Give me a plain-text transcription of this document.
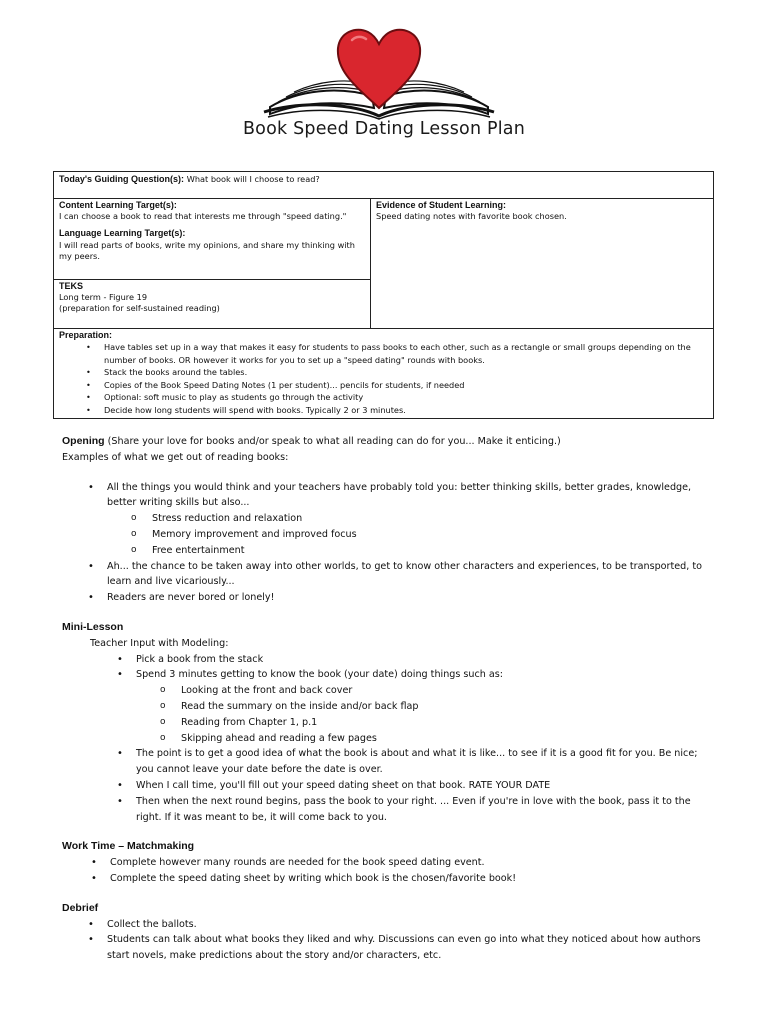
Book Speed Dating Lesson Plan
Today's Guiding Question(s): What book will I choose to read?
Content Learning Target(s):
I can choose a book to read that interests me through "speed dating."
Language Learning Target(s):
I will read parts of books, write my opinions, and share my thinking with my peers.
TEKS
Long term - Figure 19
(preparation for self-sustained reading)
Evidence of Student Learning:
Speed dating notes with favorite book chosen.
Preparation:
• Have tables set up in a way that makes it easy for students to pass books to each other, such as a rectangle or small groups depending on the number of books. OR however it works for you to set up a "speed dating" rounds with books.
• Stack the books around the tables.
• Copies of the Book Speed Dating Notes (1 per student)... pencils for students, if needed
• Optional: soft music to play as students go through the activity
• Decide how long students will spend with books. Typically 2 or 3 minutes.
Opening (Share your love for books and/or speak to what all reading can do for you... Make it enticing.)
Examples of what we get out of reading books:
• All the things you would think and your teachers have probably told you: better thinking skills, better grades, knowledge, better writing skills but also...
o Stress reduction and relaxation
o Memory improvement and improved focus
o Free entertainment
• Ah... the chance to be taken away into other worlds, to get to know other characters and experiences, to be transported, to learn and live vicariously...
• Readers are never bored or lonely!
Mini-Lesson
Teacher Input with Modeling:
• Pick a book from the stack
• Spend 3 minutes getting to know the book (your date) doing things such as:
o Looking at the front and back cover
o Read the summary on the inside and/or back flap
o Reading from Chapter 1, p.1
o Skipping ahead and reading a few pages
• The point is to get a good idea of what the book is about and what it is like... to see if it is a good fit for you. Be nice; you cannot leave your date before the date is over.
• When I call time, you'll fill out your speed dating sheet on that book. RATE YOUR DATE
• Then when the next round begins, pass the book to your right. ... Even if you're in love with the book, pass it to the right. If it was meant to be, it will come back to you.
Work Time – Matchmaking
• Complete however many rounds are needed for the book speed dating event.
• Complete the speed dating sheet by writing which book is the chosen/favorite book!
Debrief
• Collect the ballots.
• Students can talk about what books they liked and why. Discussions can even go into what they noticed about how authors start novels, make predictions about the story and/or characters, etc.
